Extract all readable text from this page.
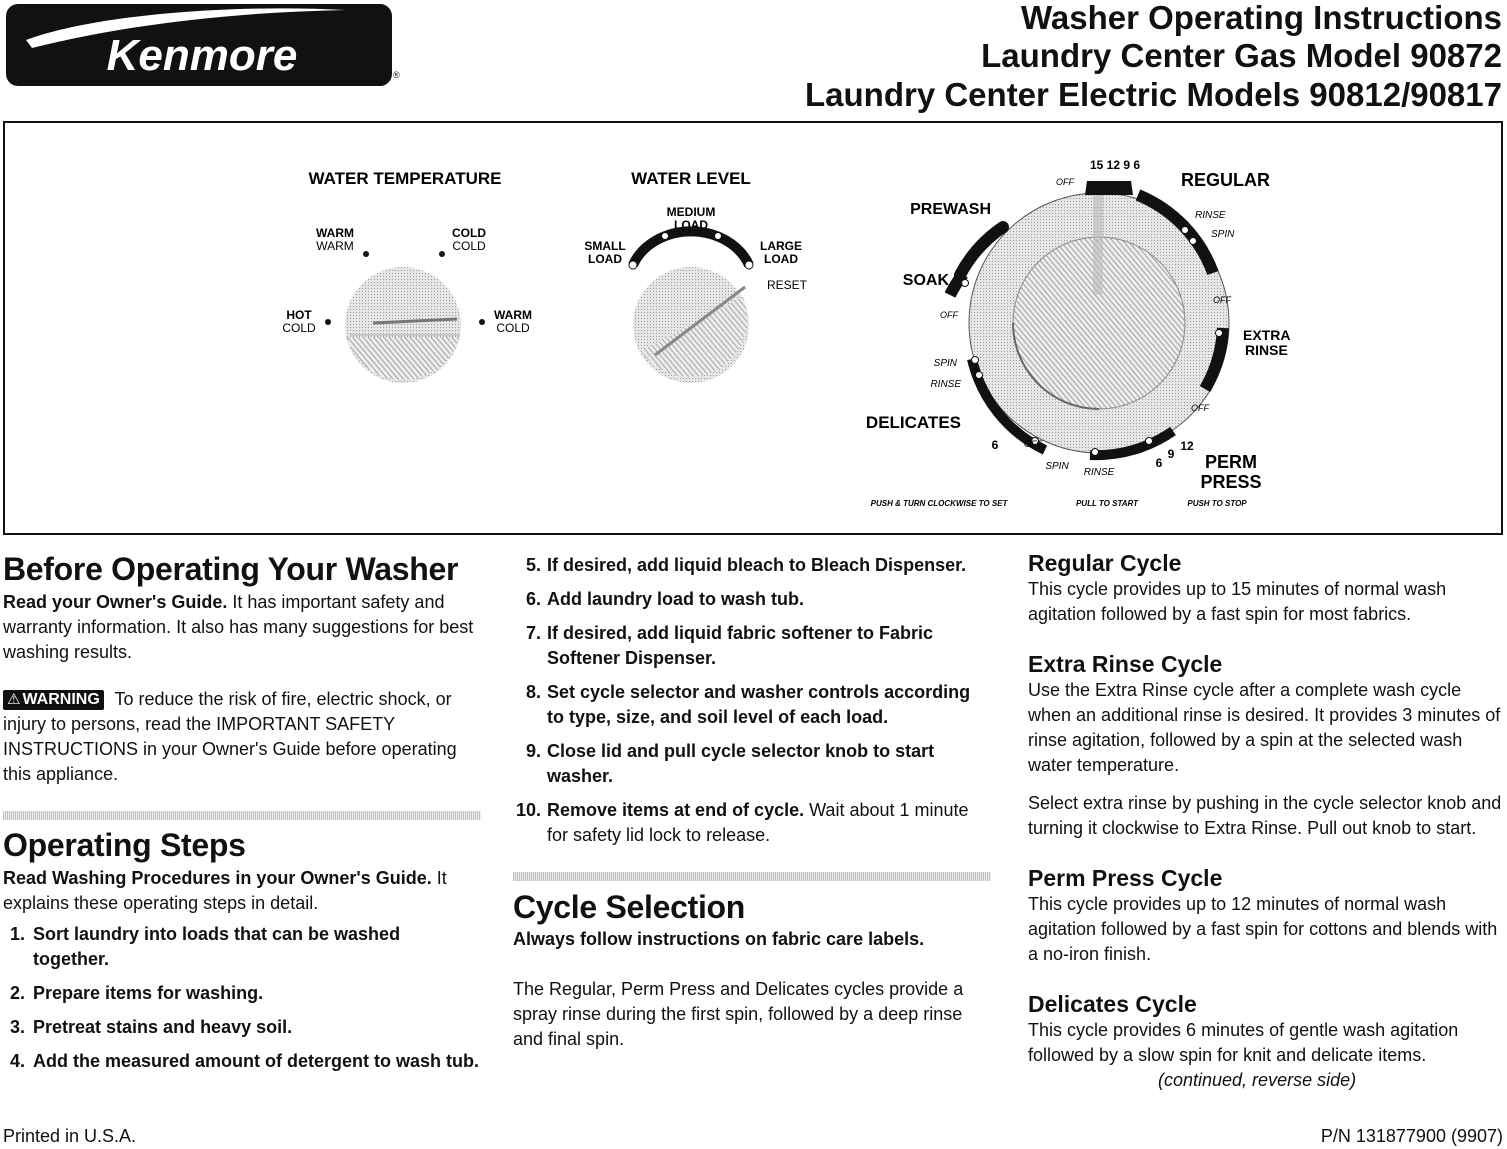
Kenmore	®
Washer Operating Instructions
Laundry Center Gas Model 90872
Laundry Center Electric Models 90812/90817
WATER TEMPERATURE
WARM
WARM
COLD
COLD
HOT
COLD
WARM
COLD
WATER LEVEL
MEDIUM
LOAD
SMALL
LOAD
LARGE
LOAD
RESET
15 12 9 6
OFF	REGULAR
RINSE
SPIN
OFF
EXTRA
RINSE
OFF
PREWASH
SOAK
OFF
SPIN
RINSE
DELICATES
6	OFF
SPIN
RINSE
6
9
12
PERM
PRESS
PUSH & TURN CLOCKWISE TO SET	PULL TO START	PUSH TO STOP
Before Operating Your Washer

Read your Owner's Guide. It has important safety and warranty information. It also has many suggestions for best washing results.

⚠ WARNING To reduce the risk of fire, electric shock, or injury to persons, read the IMPORTANT SAFETY INSTRUCTIONS in your Owner's Guide before operating this appliance.

Operating Steps

Read Washing Procedures in your Owner's Guide. It explains these operating steps in detail.

1. Sort laundry into loads that can be washed together.
2. Prepare items for washing.
3. Pretreat stains and heavy soil.
4. Add the measured amount of detergent to wash tub.
5. If desired, add liquid bleach to Bleach Dispenser.
6. Add laundry load to wash tub.
7. If desired, add liquid fabric softener to Fabric Softener Dispenser.
8. Set cycle selector and washer controls according to type, size, and soil level of each load.
9. Close lid and pull cycle selector knob to start washer.
10. Remove items at end of cycle. Wait about 1 minute for safety lid lock to release.
Cycle Selection

Always follow instructions on fabric care labels.

The Regular, Perm Press and Delicates cycles provide a spray rinse during the first spin, followed by a deep rinse and final spin.

Regular Cycle

This cycle provides up to 15 minutes of normal wash agitation followed by a fast spin for most fabrics.

Extra Rinse Cycle

Use the Extra Rinse cycle after a complete wash cycle when an additional rinse is desired. It provides 3 minutes of rinse agitation, followed by a spin at the selected wash water temperature.

Select extra rinse by pushing in the cycle selector knob and turning it clockwise to Extra Rinse. Pull out knob to start.

Perm Press Cycle

This cycle provides up to 12 minutes of normal wash agitation followed by a fast spin for cottons and blends with a no-iron finish.

Delicates Cycle

This cycle provides 6 minutes of gentle wash agitation followed by a slow spin for knit and delicate items.(continued, reverse side)

Printed in U.S.A.	P/N 131877900 (9907)
